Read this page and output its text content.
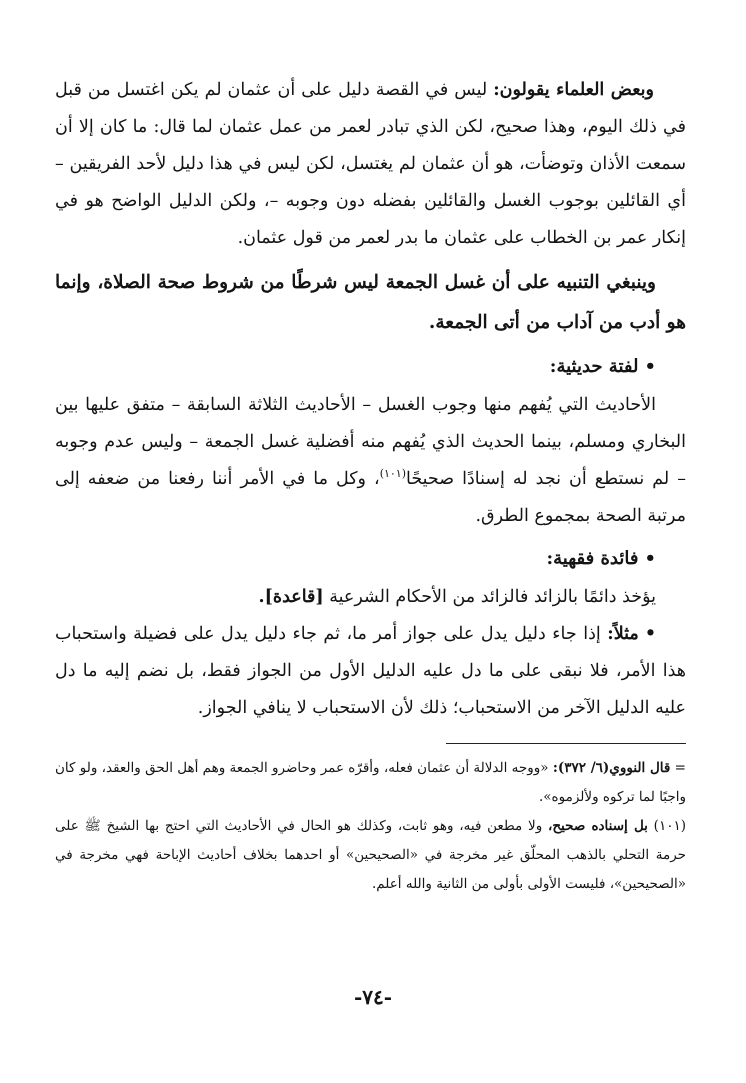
وبعض العلماء يقولون: ليس في القصة دليل على أن عثمان لم يكن اغتسل من قبل في ذلك اليوم، وهذا صحيح، لكن الذي تبادر لعمر من عمل عثمان لما قال: ما كان إلا أن سمعت الأذان وتوضأت، هو أن عثمان لم يغتسل، لكن ليس في هذا دليل لأحد الفريقين – أي القائلين بوجوب الغسل والقائلين بفضله دون وجوبه –، ولكن الدليل الواضح هو في إنكار عمر بن الخطاب على عثمان ما بدر لعمر من قول عثمان.

وينبغي التنبيه على أن غسل الجمعة ليس شرطًا من شروط صحة الصلاة، وإنما هو أدب من آداب من أتى الجمعة.

•لفتة حديثية:

الأحاديث التي يُفهم منها وجوب الغسل – الأحاديث الثلاثة السابقة – متفق عليها بين البخاري ومسلم، بينما الحديث الذي يُفهم منه أفضلية غسل الجمعة – وليس عدم وجوبه – لم نستطع أن نجد له إسنادًا صحيحًا$^{(١٠١)}$، وكل ما في الأمر أننا رفعنا من ضعفه إلى مرتبة الصحة بمجموع الطرق.

•فائدة فقهية:

يؤخذ دائمًا بالزائد فالزائد من الأحكام الشرعية [قاعدة].

•مثلاً: إذا جاء دليل يدل على جواز أمر ما، ثم جاء دليل يدل على فضيلة واستحباب هذا الأمر، فلا نبقى على ما دل عليه الدليل الأول من الجواز فقط، بل نضم إليه ما دل عليه الدليل الآخر من الاستحباب؛ ذلك لأن الاستحباب لا ينافي الجواز.

= قال النووي(٦/ ٣٧٢): «ووجه الدلالة أن عثمان فعله، وأقرّه عمر وحاضرو الجمعة وهم أهل الحق والعقد، ولو كان واجبًا لما تركوه ولألزموه».

(١٠١) بل إسناده صحيح، ولا مطعن فيه، وهو ثابت، وكذلك هو الحال في الأحاديث التي احتج بها الشيخ ﷺ على حرمة التحلي بالذهب المحلّق غير مخرجة في «الصحيحين» أو احدهما بخلاف أحاديث الإباحة فهي مخرجة في «الصحيحين»، فليست الأولى بأولى من الثانية والله أعلم.

-٧٤-
